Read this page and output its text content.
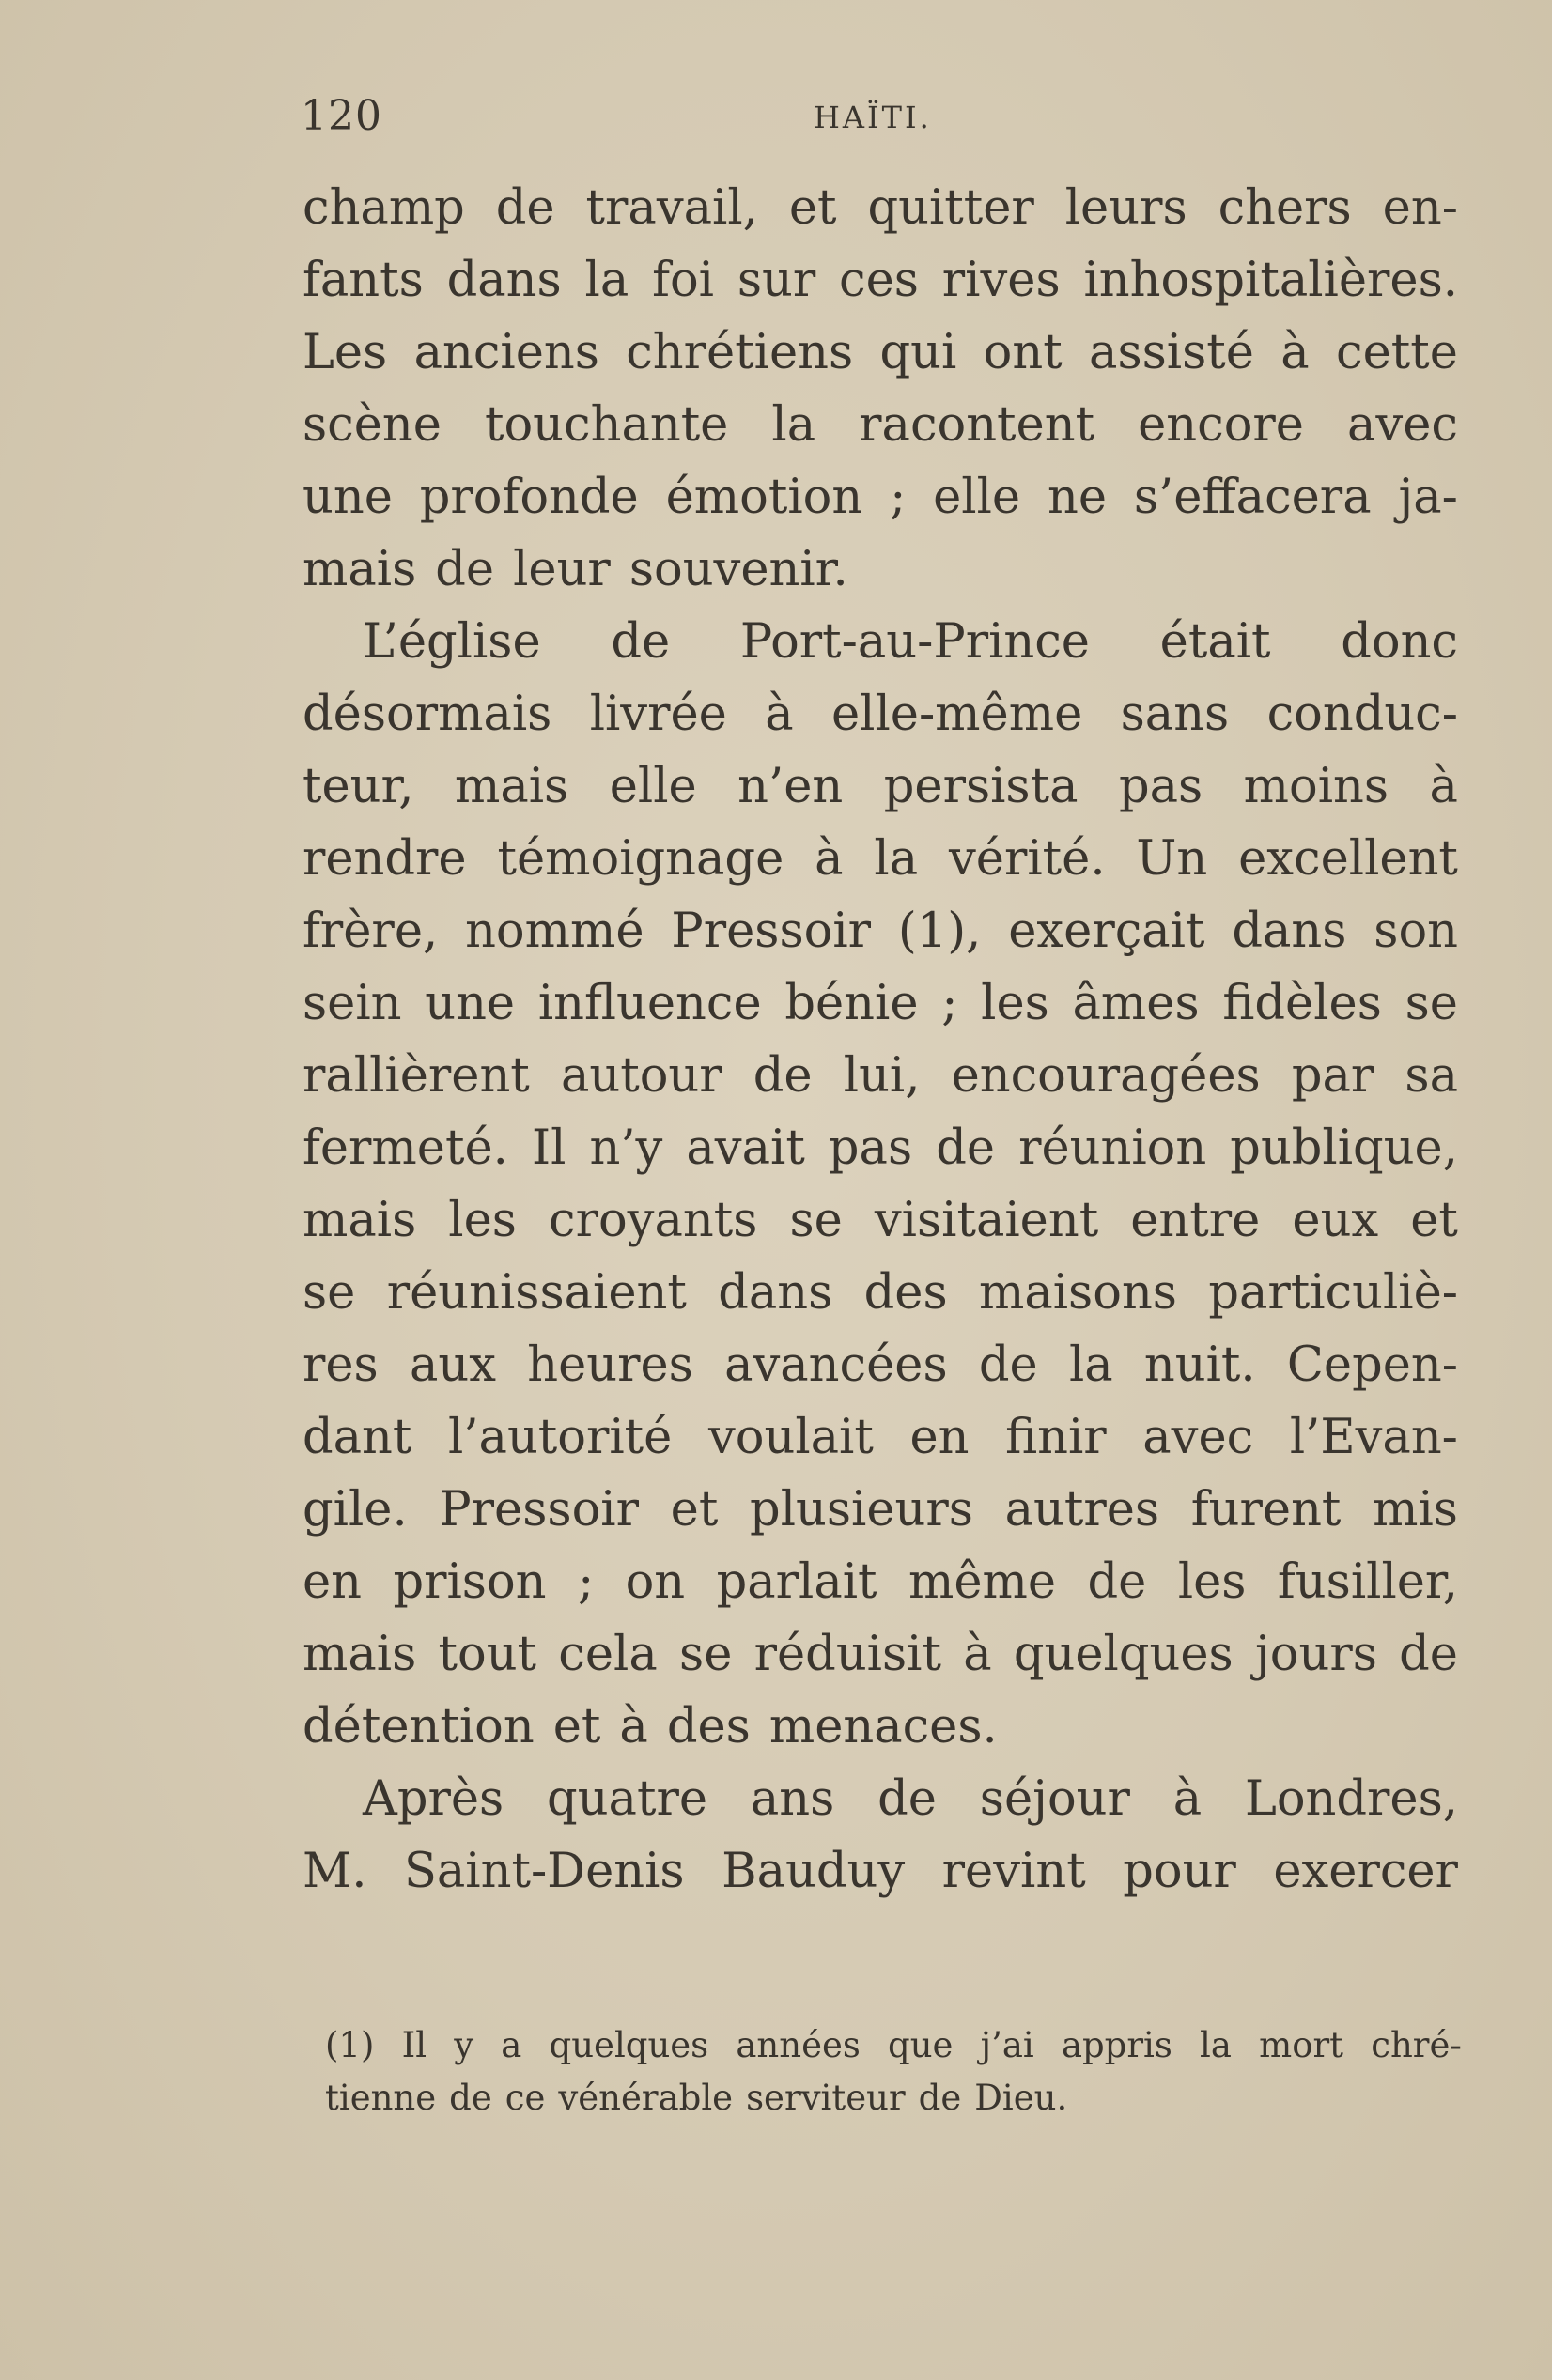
120	HAÏTI.
champ de travail, et quitter leurs chers en-
fants dans la foi sur ces rives inhospitalières.
Les anciens chrétiens qui ont assisté à cette
scène touchante la racontent encore avec
une profonde émotion ; elle ne s’effacera ja-
mais de leur souvenir.
L’église de Port-au-Prince était donc
désormais livrée à elle-même sans conduc-
teur, mais elle n’en persista pas moins à
rendre témoignage à la vérité. Un excellent
frère, nommé Pressoir (1), exerçait dans son
sein une influence bénie ; les âmes fidèles se
rallièrent autour de lui, encouragées par sa
fermeté. Il n’y avait pas de réunion publique,
mais les croyants se visitaient entre eux et
se réunissaient dans des maisons particuliè-
res aux heures avancées de la nuit. Cepen-
dant l’autorité voulait en finir avec l’Evan-
gile. Pressoir et plusieurs autres furent mis
en prison ; on parlait même de les fusiller,
mais tout cela se réduisit à quelques jours de
détention et à des menaces.
Après quatre ans de séjour à Londres,
M. Saint-Denis Bauduy revint pour exercer
(1) Il y a quelques années que j’ai appris la mort chré-
tienne de ce vénérable serviteur de Dieu.
